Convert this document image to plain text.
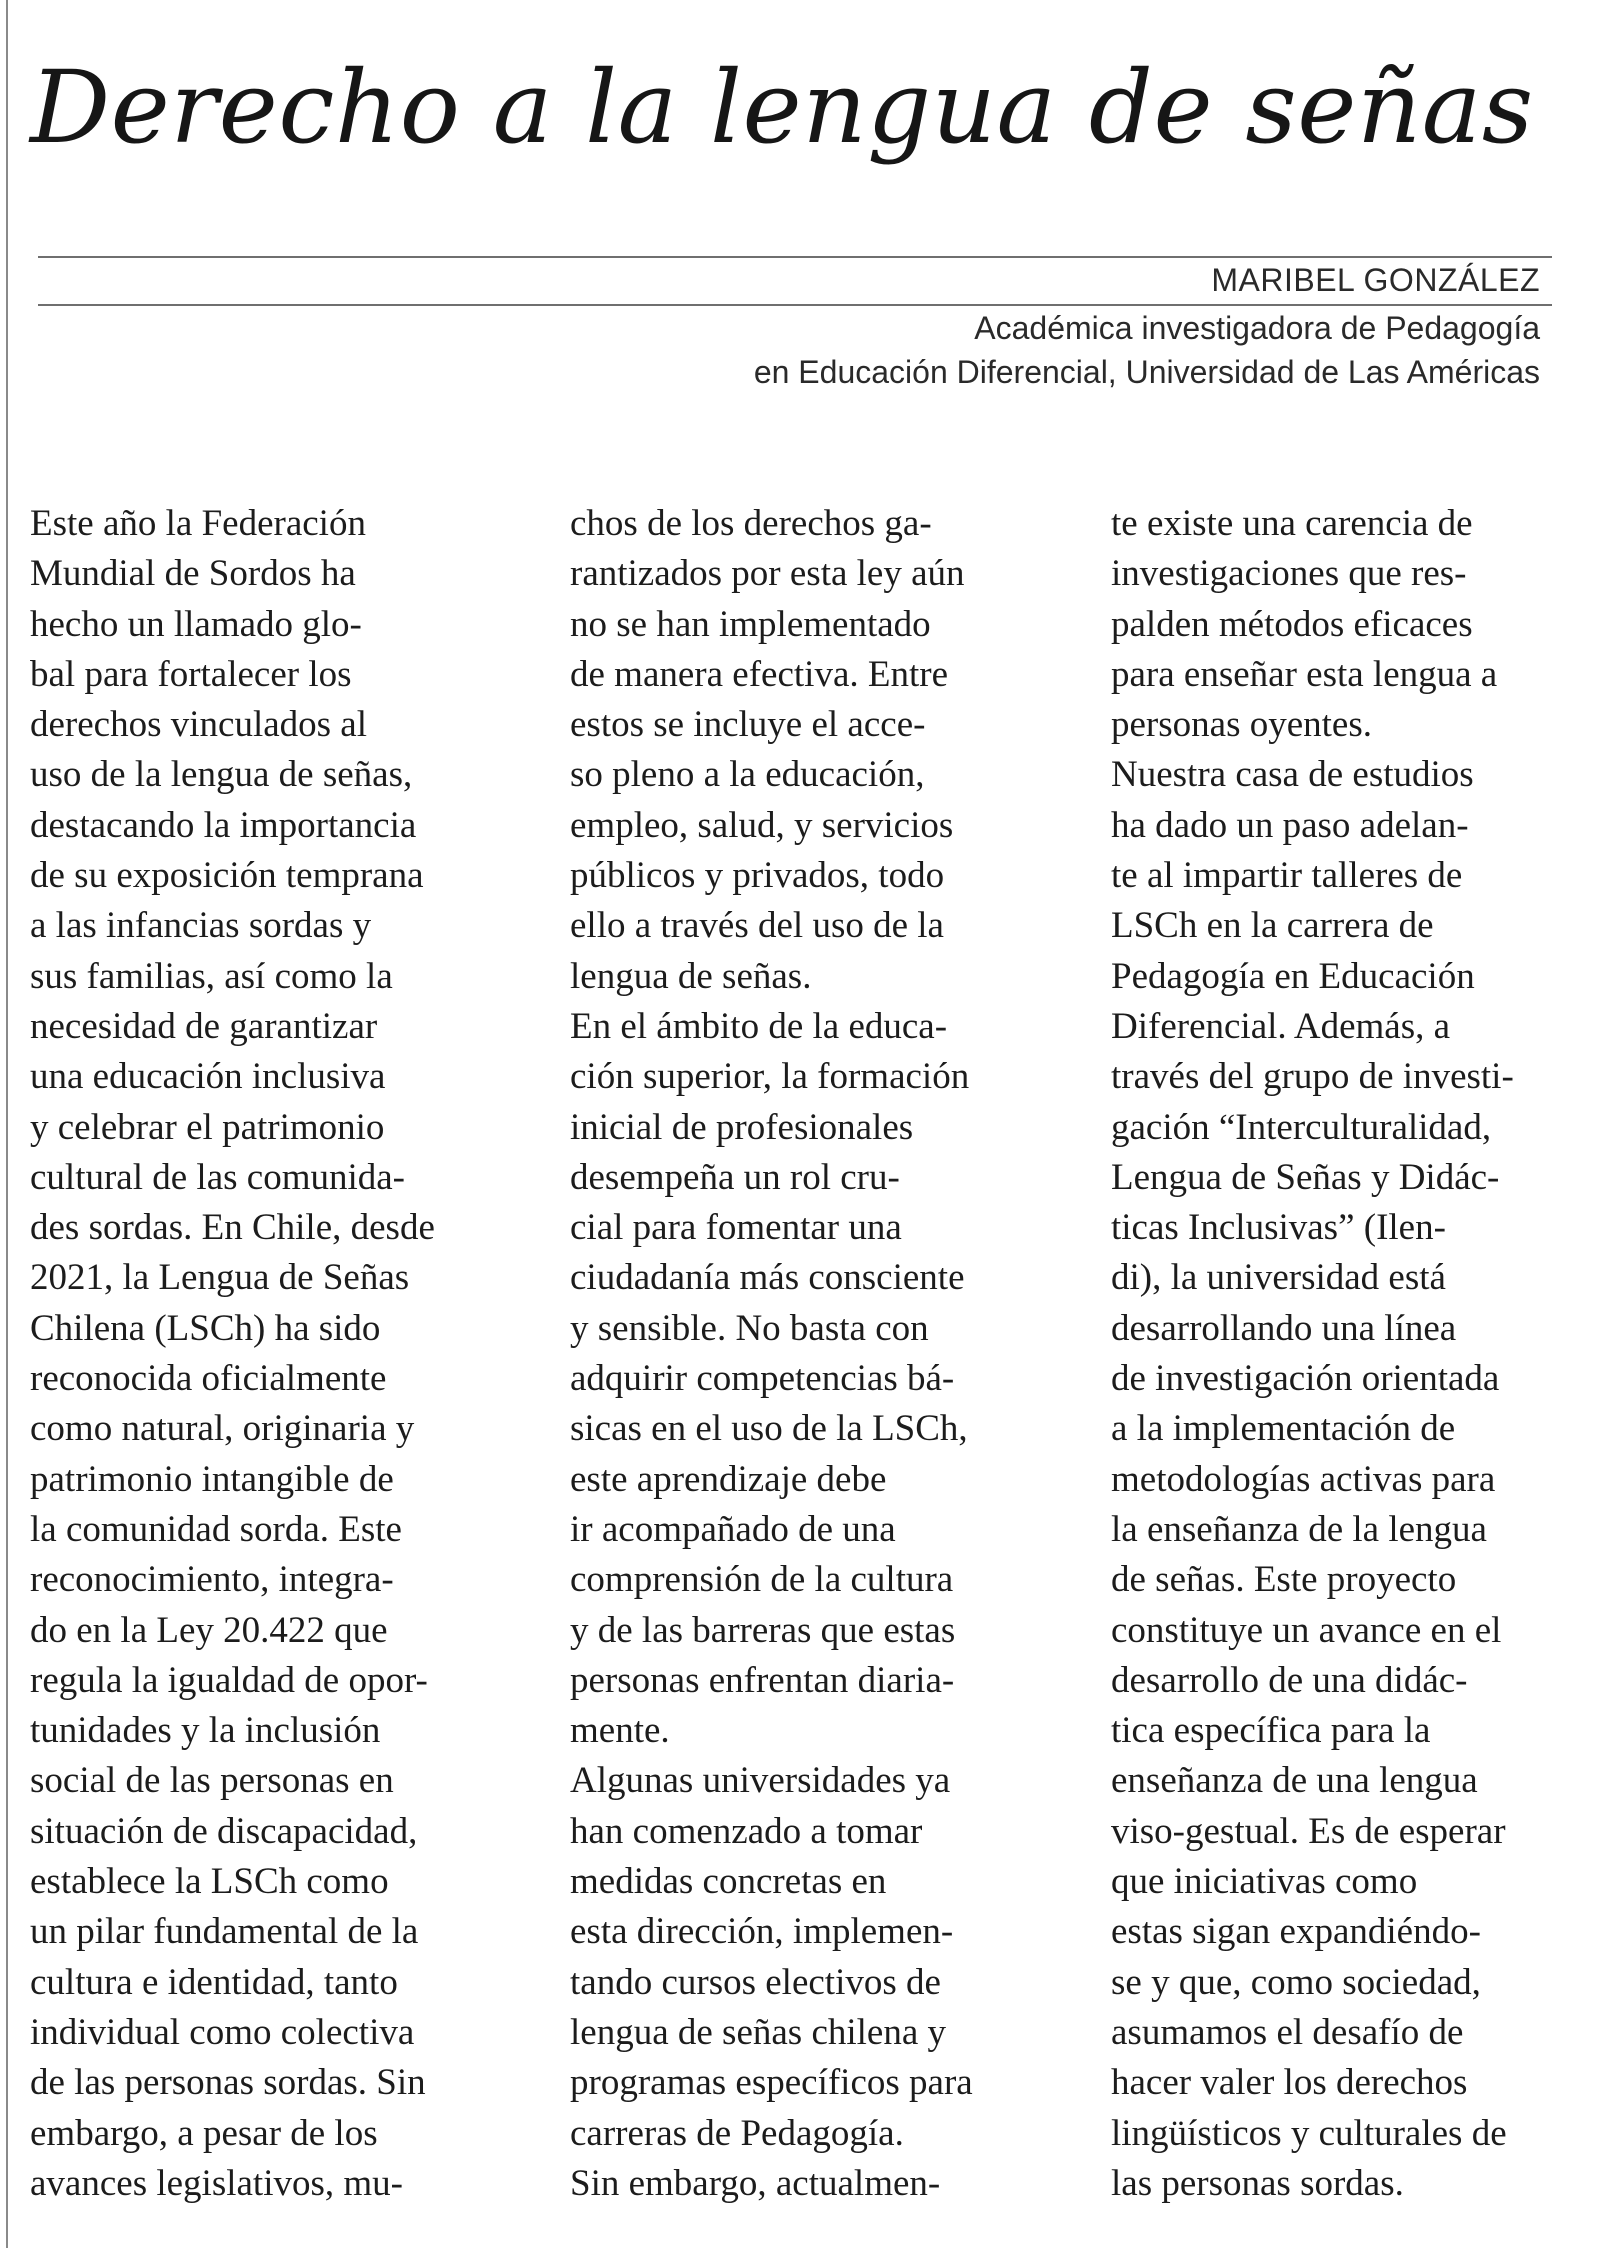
Derecho a la lengua de señas
MARIBEL GONZÁLEZ
Académica investigadora de Pedagogía
en Educación Diferencial, Universidad de Las Américas
Este año la Federación
Mundial de Sordos ha
hecho un llamado glo-
bal para fortalecer los
derechos vinculados al
uso de la lengua de señas,
destacando la importancia
de su exposición temprana
a las infancias sordas y
sus familias, así como la
necesidad de garantizar
una educación inclusiva
y celebrar el patrimonio
cultural de las comunida-
des sordas. En Chile, desde
2021, la Lengua de Señas
Chilena (LSCh) ha sido
reconocida oficialmente
como natural, originaria y
patrimonio intangible de
la comunidad sorda. Este
reconocimiento, integra-
do en la Ley 20.422 que
regula la igualdad de opor-
tunidades y la inclusión
social de las personas en
situación de discapacidad,
establece la LSCh como
un pilar fundamental de la
cultura e identidad, tanto
individual como colectiva
de las personas sordas. Sin
embargo, a pesar de los
avances legislativos, mu-
chos de los derechos ga-
rantizados por esta ley aún
no se han implementado
de manera efectiva. Entre
estos se incluye el acce-
so pleno a la educación,
empleo, salud, y servicios
públicos y privados, todo
ello a través del uso de la
lengua de señas.
En el ámbito de la educa-
ción superior, la formación
inicial de profesionales
desempeña un rol cru-
cial para fomentar una
ciudadanía más consciente
y sensible. No basta con
adquirir competencias bá-
sicas en el uso de la LSCh,
este aprendizaje debe
ir acompañado de una
comprensión de la cultura
y de las barreras que estas
personas enfrentan diaria-
mente.
Algunas universidades ya
han comenzado a tomar
medidas concretas en
esta dirección, implemen-
tando cursos electivos de
lengua de señas chilena y
programas específicos para
carreras de Pedagogía.
Sin embargo, actualmen-
te existe una carencia de
investigaciones que res-
palden métodos eficaces
para enseñar esta lengua a
personas oyentes.
Nuestra casa de estudios
ha dado un paso adelan-
te al impartir talleres de
LSCh en la carrera de
Pedagogía en Educación
Diferencial. Además, a
través del grupo de investi-
gación “Interculturalidad,
Lengua de Señas y Didác-
ticas Inclusivas” (Ilen-
di), la universidad está
desarrollando una línea
de investigación orientada
a la implementación de
metodologías activas para
la enseñanza de la lengua
de señas. Este proyecto
constituye un avance en el
desarrollo de una didác-
tica específica para la
enseñanza de una lengua
viso-gestual. Es de esperar
que iniciativas como
estas sigan expandiéndo-
se y que, como sociedad,
asumamos el desafío de
hacer valer los derechos
lingüísticos y culturales de
las personas sordas.
